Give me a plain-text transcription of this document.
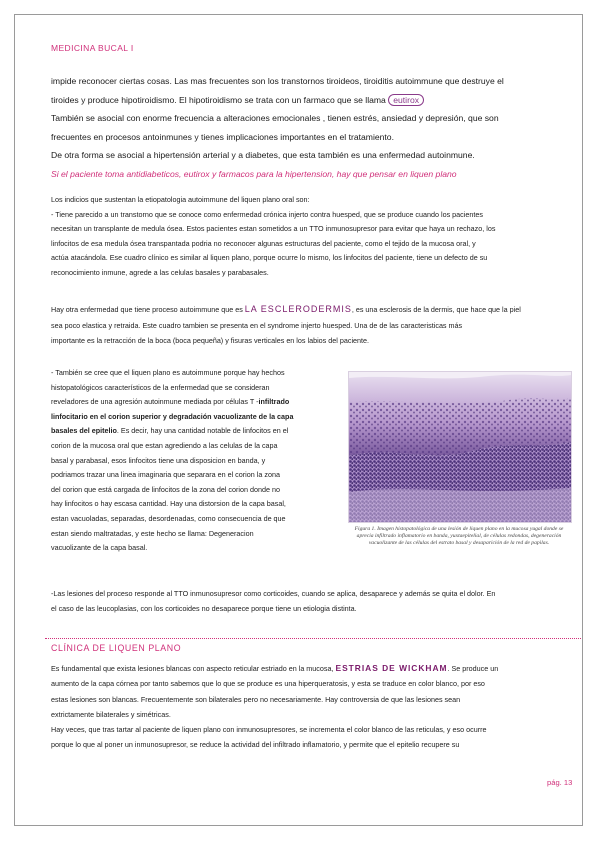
MEDICINA BUCAL I

impide reconocer ciertas cosas. Las mas frecuentes son los transtornos tiroideos, tiroiditis autoimmune que destruye el

tiroides y produce hipotiroidismo. El hipotiroidismo se trata con un farmaco que se llama eutirox

También se asocial con enorme frecuencia a alteraciones emocionales , tienen estrés, ansiedad y depresión, que son

frecuentes en procesos antoinmunes y tienes implicaciones importantes en el tratamiento.

De otra forma se asocial a hipertensión arterial y a diabetes, que esta también es una enfermedad autoinmune.

Si el paciente toma antidiabeticos, eutirox y farmacos para la hipertension, hay que pensar en liquen plano

Los indicios que sustentan la etiopatologia autoimmune del liquen plano oral son:

- Tiene parecido a un transtorno que se conoce como enfermedad crónica injerto contra huesped, que se produce cuando los pacientes

necesitan un transplante de medula ósea. Estos pacientes estan sometidos a un TTO inmunosupresor para evitar que haya un rechazo, los

linfocitos de esa medula ósea transpantada podria no reconocer algunas estructuras del paciente, como el tejido de la mucosa oral, y

actúa atacándola. Ese cuadro clínico es similar al liquen plano, porque ocurre lo mismo, los linfocitos del paciente, tiene un defecto de su

reconocimiento inmune, agrede a las celulas basales y parabasales.

Hay otra enfermedad que tiene proceso autoimmune que es LA ESCLERODERMIS, es una esclerosis de la dermis, que hace que la piel

sea poco elastica y retraida. Este cuadro tambien se presenta en el syndrome injerto huesped. Una de de las caracteristicas más

importante es la retracción de la boca (boca pequeña) y fisuras verticales en los labios del paciente.

- También se cree que el liquen plano es autoimmune porque hay hechos

histopatológicos característicos de la enfermedad que se consideran

reveladores de una agresión autoinmune mediada por células T -infiltrado

linfocitario en el corion superior y degradación vacuolizante de la capa

basales del epitelio. Es decir, hay una cantidad notable de linfocitos en el

corion de la mucosa oral que estan agrediendo a las celulas de la capa

basal y parabasal, esos linfocitos tiene una disposicion en banda, y

podriamos trazar una linea imaginaria que separara en el corion la zona

del corion que está cargada de linfocitos de la zona del corion donde no

hay linfocitos o hay escasa cantidad. Hay una distorsion de la capa basal,

estan vacuoladas, separadas, desordenadas, como consecuencia de que

estan siendo maltratadas, y este hecho se llama: Degeneracion

vacuolizante de la capa basal.

Figura 1. Imagen histopatológica de una lesión de liquen plano en la mucosa yugal donde se aprecia infiltrado inflamatorio en banda, yuxtaepitelial, de células redondas, degeneración vacuolizante de las células del estrato basal y desaparición de la red de papilas.

-Las lesiones del proceso responde al TTO inmunosupresor como corticoides, cuando se aplica, desaparece y además se quita el dolor. En

el caso de las leucoplasias, con los corticoides no desaparece porque tiene un etiologia distinta.

CLÍNICA DE LIQUEN PLANO

Es fundamental que exista lesiones blancas con aspecto reticular estriado en la mucosa, ESTRIAS DE WICKHAM. Se produce un

aumento de la capa córnea por tanto sabemos que lo que se produce es una hiperqueratosis, y esta se traduce en color blanco, por eso

estas lesiones son blancas. Frecuentemente son bilaterales pero no necesariamente. Hay controversia de que las lesiones sean

extrictamente bilaterales y simétricas.

Hay veces, que tras tartar al paciente de liquen plano con inmunosupresores, se incrementa el color blanco de las reticulas, y eso ocurre

porque lo que al poner un inmunosupresor, se reduce la actividad del infiltrado inflamatorio, y permite que el epitelio recupere su

pág. 13
